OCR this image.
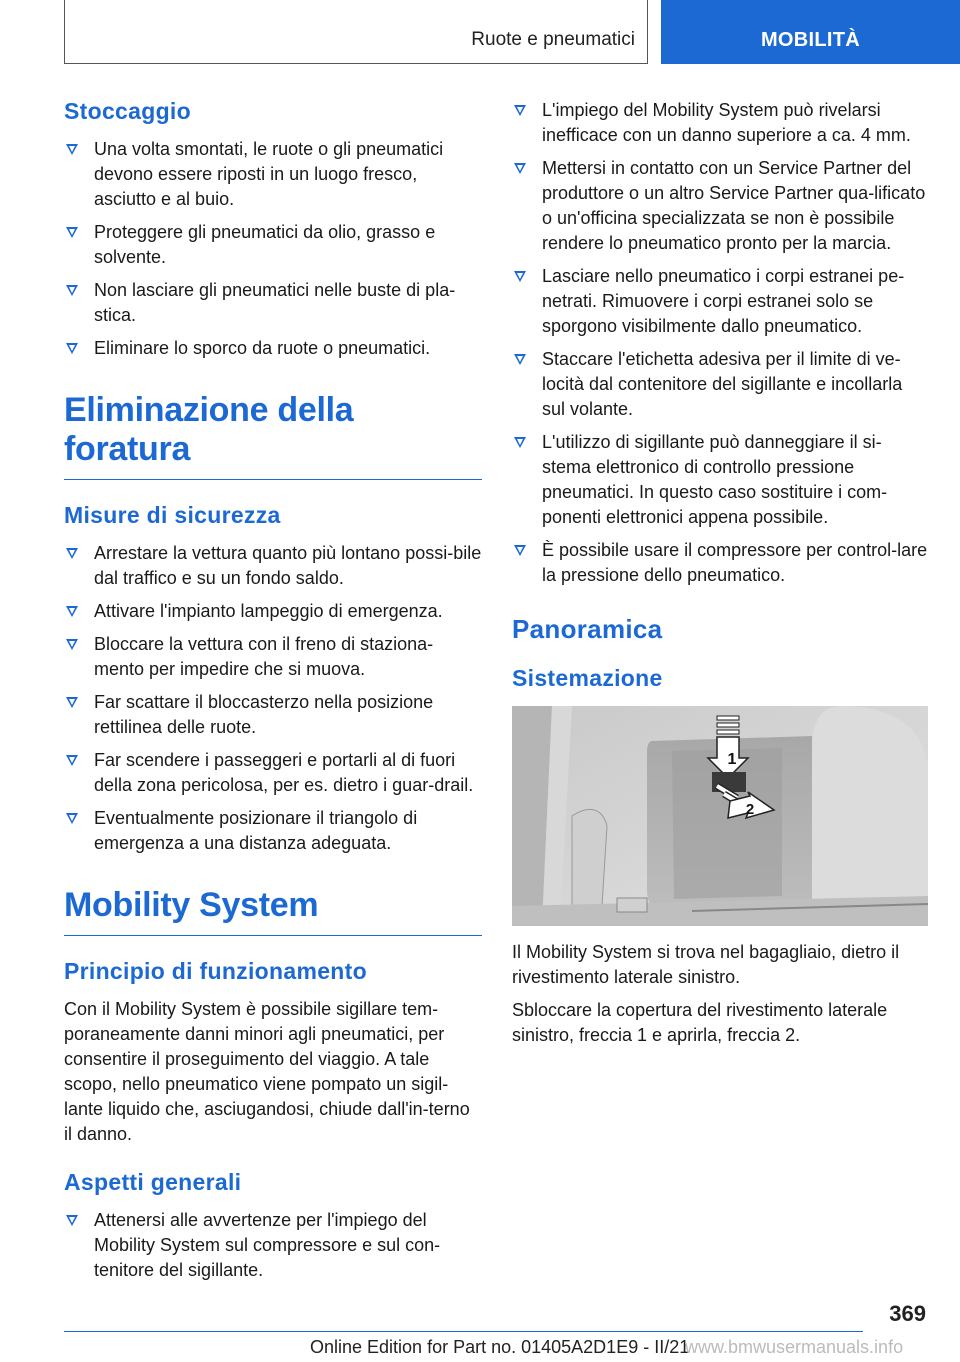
Ruote e pneumatici	MOBILITÀ
Stoccaggio
Una volta smontati, le ruote o gli pneumatici devono essere riposti in un luogo fresco, asciutto e al buio.
Proteggere gli pneumatici da olio, grasso e solvente.
Non lasciare gli pneumatici nelle buste di pla-stica.
Eliminare lo sporco da ruote o pneumatici.
Eliminazione della foratura
Misure di sicurezza
Arrestare la vettura quanto più lontano possi-bile dal traffico e su un fondo saldo.
Attivare l'impianto lampeggio di emergenza.
Bloccare la vettura con il freno di staziona-mento per impedire che si muova.
Far scattare il bloccasterzo nella posizione rettilinea delle ruote.
Far scendere i passeggeri e portarli al di fuori della zona pericolosa, per es. dietro i guar-drail.
Eventualmente posizionare il triangolo di emergenza a una distanza adeguata.
Mobility System
Principio di funzionamento

Con il Mobility System è possibile sigillare tem-poraneamente danni minori agli pneumatici, per consentire il proseguimento del viaggio. A tale scopo, nello pneumatico viene pompato un sigil-lante liquido che, asciugandosi, chiude dall'in-terno il danno.

Aspetti generali
Attenersi alle avvertenze per l'impiego del Mobility System sul compressore e sul con-tenitore del sigillante.
L'impiego del Mobility System può rivelarsi inefficace con un danno superiore a ca. 4 mm.
Mettersi in contatto con un Service Partner del produttore o un altro Service Partner qua-lificato o un'officina specializzata se non è possibile rendere lo pneumatico pronto per la marcia.
Lasciare nello pneumatico i corpi estranei pe-netrati. Rimuovere i corpi estranei solo se sporgono visibilmente dallo pneumatico.
Staccare l'etichetta adesiva per il limite di ve-locità dal contenitore del sigillante e incollarla sul volante.
L'utilizzo di sigillante può danneggiare il si-stema elettronico di controllo pressione pneumatici. In questo caso sostituire i com-ponenti elettronici appena possibile.
È possibile usare il compressore per control-lare la pressione dello pneumatico.
Panoramica
Sistemazione
1
2

Il Mobility System si trova nel bagagliaio, dietro il rivestimento laterale sinistro.

Sbloccare la copertura del rivestimento laterale sinistro, freccia 1 e aprirla, freccia 2.

369
Online Edition for Part no. 01405A2D1E9 - II/21
www.bmwusermanuals.info
